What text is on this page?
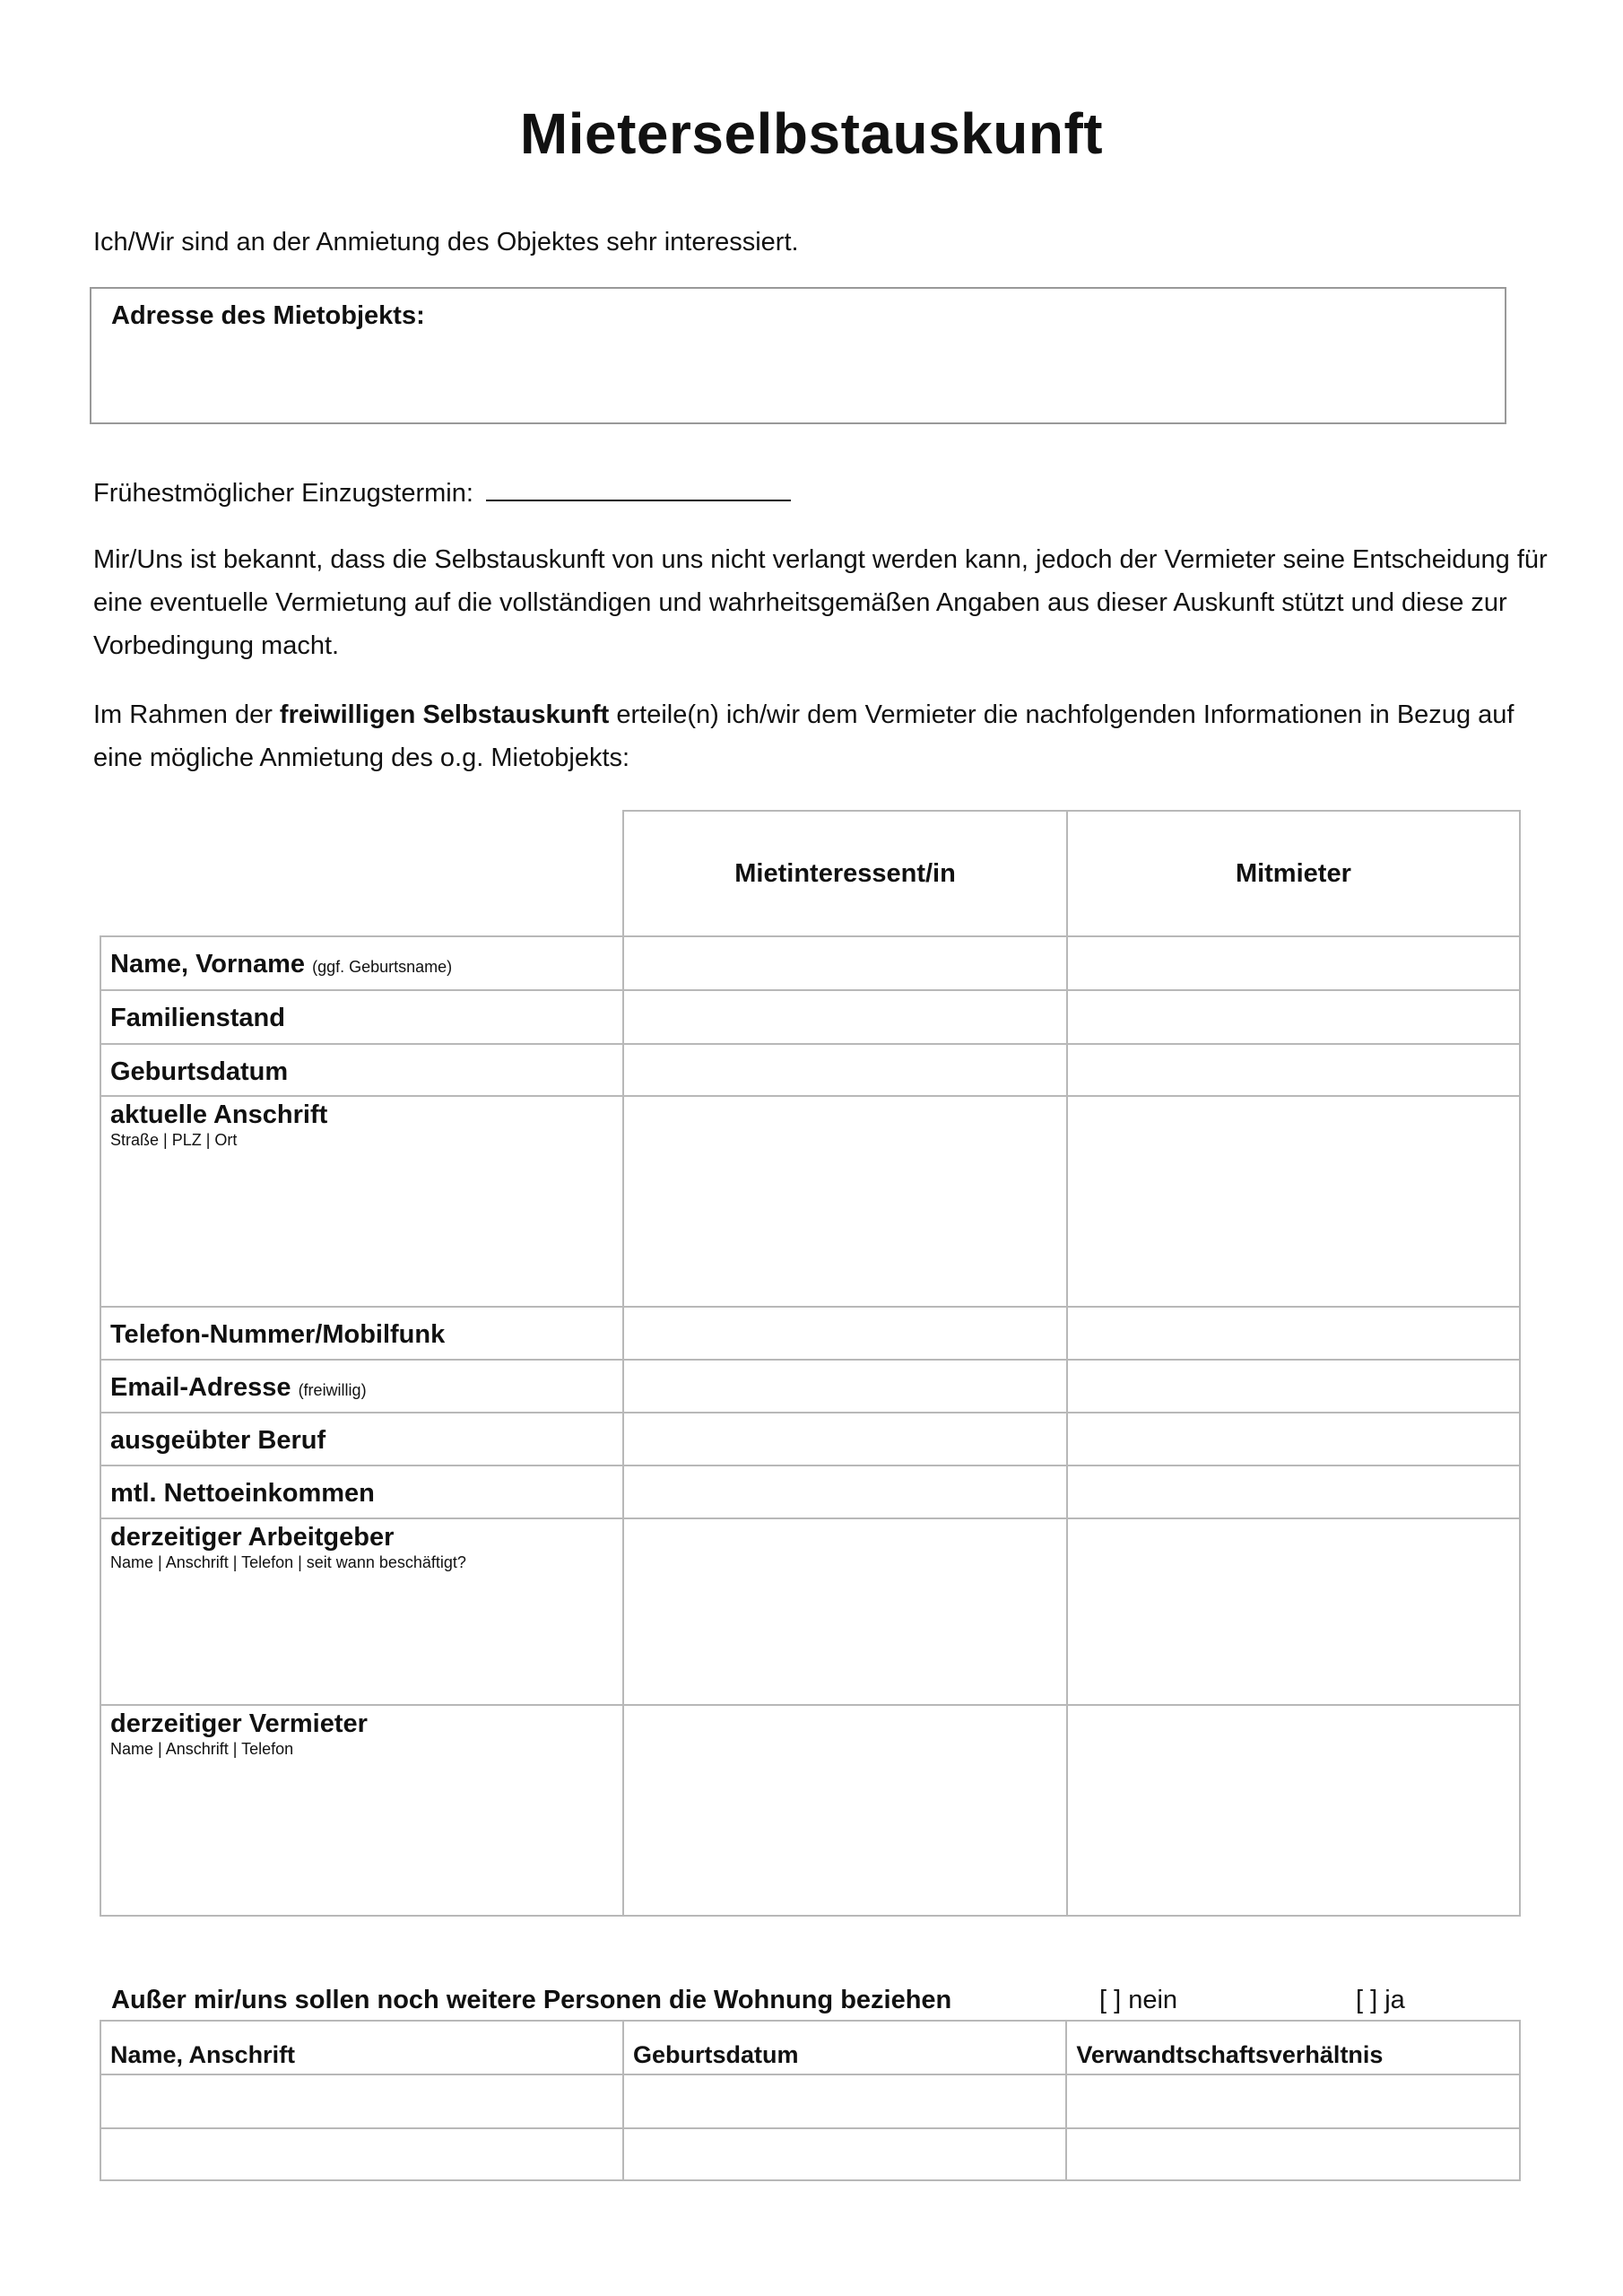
Mieterselbstauskunft
Ich/Wir sind an der Anmietung des Objektes sehr interessiert.
Adresse des Mietobjekts:
Frühestmöglicher Einzugstermin:
Mir/Uns ist bekannt, dass die Selbstauskunft von uns nicht verlangt werden kann, jedoch der Vermieter seine Entscheidung für eine eventuelle Vermietung auf die vollständigen und wahrheitsgemäßen Angaben aus dieser Auskunft stützt und diese zur Vorbedingung macht.
Im Rahmen der freiwilligen Selbstauskunft erteile(n) ich/wir dem Vermieter die nachfolgenden Informationen in Bezug auf eine mögliche Anmietung des o.g. Mietobjekts:
	Mietinteressent/in	Mitmieter
Name, Vorname (ggf. Geburtsname)		
Familienstand		
Geburtsdatum		
aktuelle Anschrift
Straße | PLZ | Ort		

Telefon-Nummer/Mobilfunk		
Email-Adresse (freiwillig)		
ausgeübter Beruf		
mtl. Nettoeinkommen		
derzeitiger Arbeitgeber
Name | Anschrift | Telefon | seit wann beschäftigt?		

derzeitiger Vermieter
Name | Anschrift | Telefon		

Außer mir/uns sollen noch weitere Personen die Wohnung beziehen	[ ] nein	[ ] ja
Name, Anschrift	Geburtsdatum	Verwandtschaftsverhältnis
